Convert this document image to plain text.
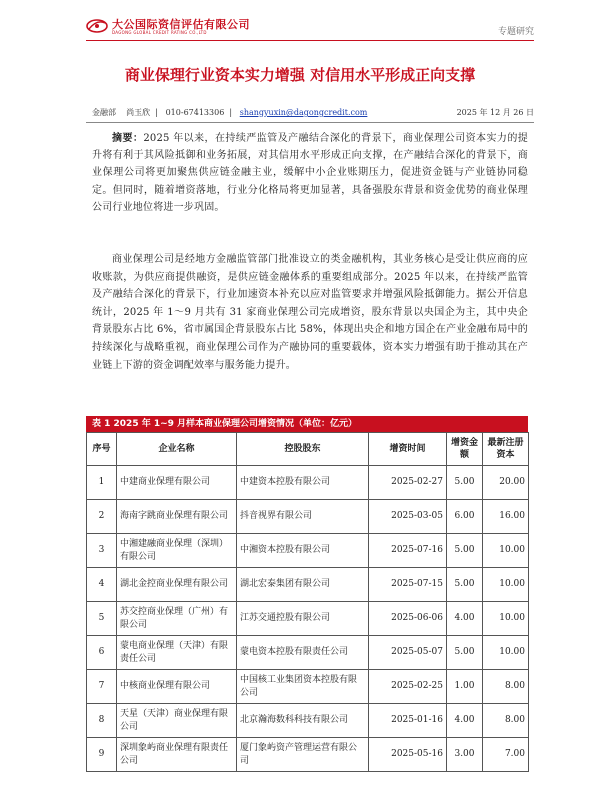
大公国际资信评估有限公司
DAGONG GLOBAL CREDIT RATING CO.,LTD	专题研究
商业保理行业资本实力增强 对信用水平形成正向支撑
金融部 尚玉欣  |   010-67413306  |   shangyuxin@dagongcredit.com	2025 年 12 月 26 日
摘要：2025 年以来，在持续严监管及产融结合深化的背景下，商业保理公司资本实力的提升将有利于其风险抵御和业务拓展，对其信用水平形成正向支撑，在产融结合深化的背景下，商业保理公司将更加聚焦供应链金融主业，缓解中小企业账期压力，促进资金链与产业链协同稳定。但同时，随着增资落地，行业分化格局将更加显著，具备强股东背景和资金优势的商业保理公司行业地位将进一步巩固。
商业保理公司是经地方金融监管部门批准设立的类金融机构，其业务核心是受让供应商的应收账款，为供应商提供融资，是供应链金融体系的重要组成部分。2025 年以来，在持续严监管及产融结合深化的背景下，行业加速资本补充以应对监管要求并增强风险抵御能力。据公开信息统计，2025 年 1～9 月共有 31 家商业保理公司完成增资，股东背景以央国企为主，其中央企背景股东占比 6%，省市属国企背景股东占比 58%，体现出央企和地方国企在产业金融布局中的持续深化与战略重视，商业保理公司作为产融协同的重要载体，资本实力增强有助于推动其在产业链上下游的资金调配效率与服务能力提升。
表 1 2025 年 1~9 月样本商业保理公司增资情况（单位：亿元）
序号	企业名称	控股股东	增资时间	增资金额	最新注册资本
1	中建商业保理有限公司	中建资本控股有限公司	2025-02-27	5.00	20.00
2	海南字跳商业保理有限公司	抖音视界有限公司	2025-03-05	6.00	16.00
3	中湘建融商业保理（深圳）有限公司	中湘资本控股有限公司	2025-07-16	5.00	10.00
4	湖北金控商业保理有限公司	湖北宏泰集团有限公司	2025-07-15	5.00	10.00
5	苏交控商业保理（广州）有限公司	江苏交通控股有限公司	2025-06-06	4.00	10.00
6	蒙电商业保理（天津）有限责任公司	蒙电资本控股有限责任公司	2025-05-07	5.00	10.00
7	中核商业保理有限公司	中国核工业集团资本控股有限公司	2025-02-25	1.00	8.00
8	天星（天津）商业保理有限公司	北京瀚海数科科技有限公司	2025-01-16	4.00	8.00
9	深圳象屿商业保理有限责任公司	厦门象屿资产管理运营有限公司	2025-05-16	3.00	7.00
